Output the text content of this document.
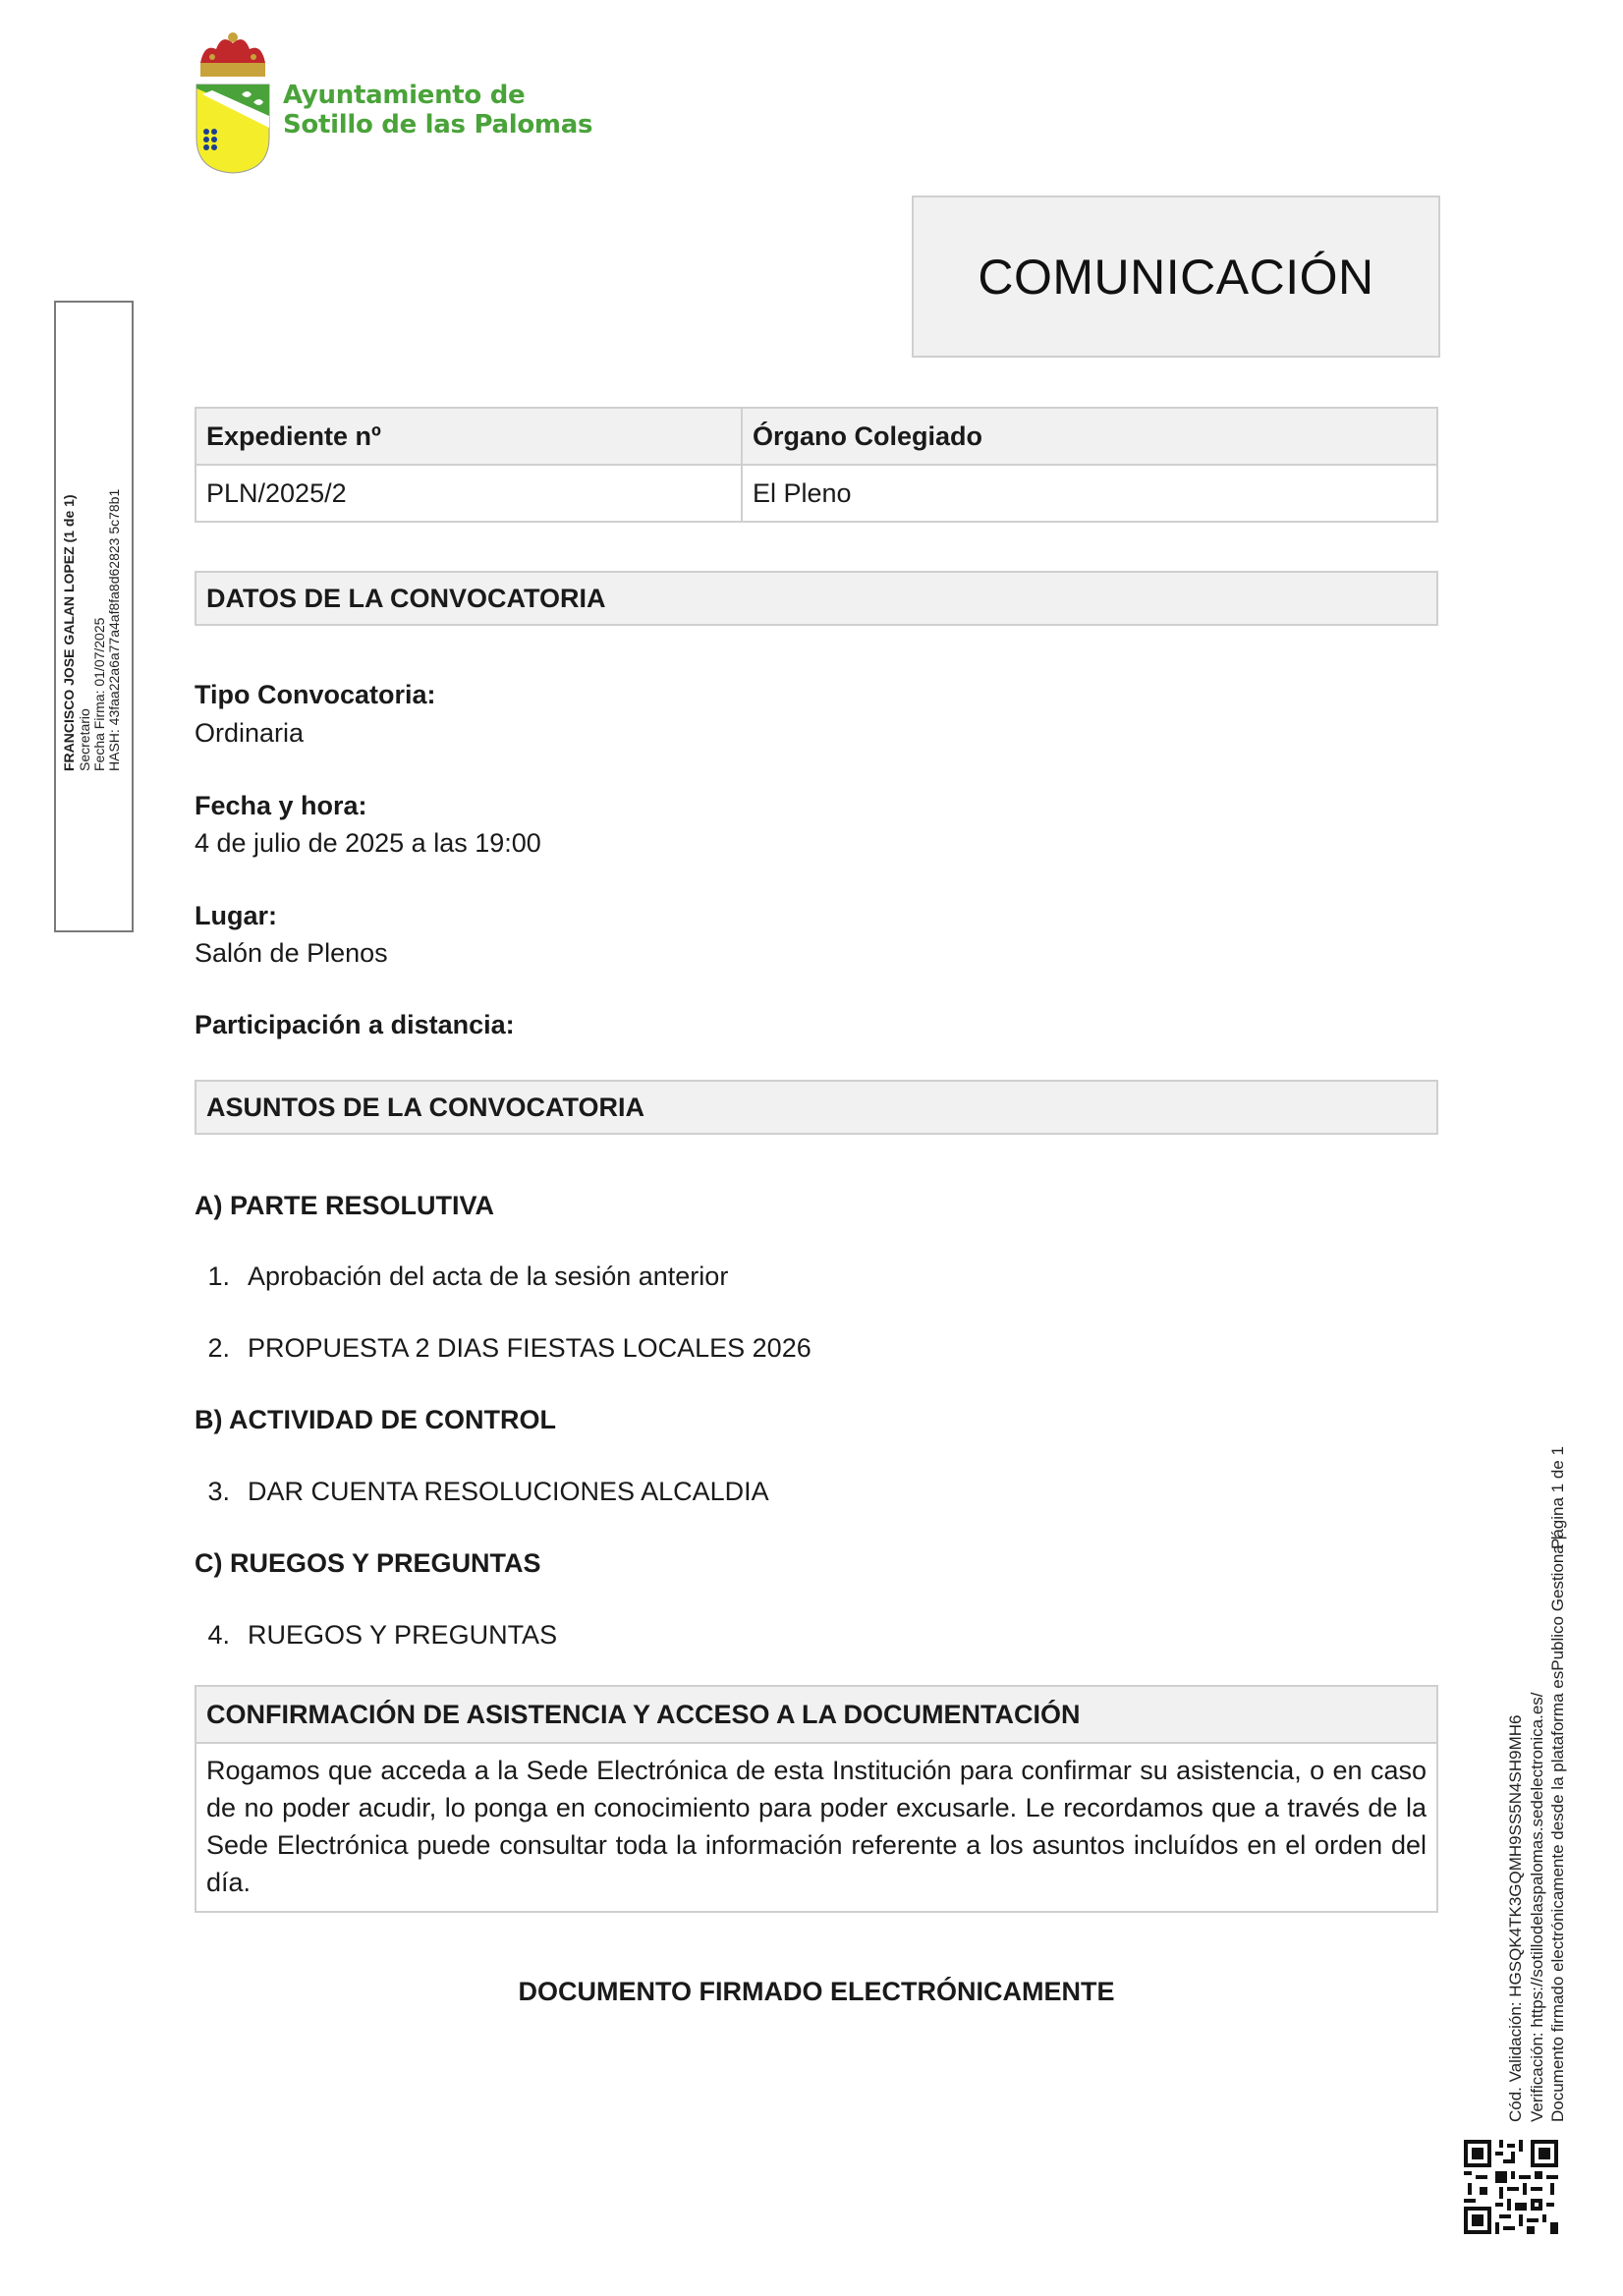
Ayuntamiento de
Sotillo de las Palomas
COMUNICACIÓN
Expediente nº	Órgano Colegiado
PLN/2025/2	El Pleno
DATOS DE LA CONVOCATORIA
Tipo Convocatoria:
Ordinaria
Fecha y hora:
4 de julio de 2025 a las 19:00
Lugar:
Salón de Plenos
Participación a distancia:
ASUNTOS DE LA CONVOCATORIA
A) PARTE RESOLUTIVA
1. Aprobación del acta de la sesión anterior
2. PROPUESTA 2 DIAS FIESTAS LOCALES 2026
B) ACTIVIDAD DE CONTROL
3. DAR CUENTA RESOLUCIONES ALCALDIA
C) RUEGOS Y PREGUNTAS
4. RUEGOS Y PREGUNTAS
CONFIRMACIÓN DE ASISTENCIA Y ACCESO A LA DOCUMENTACIÓN
Rogamos que acceda a la Sede Electrónica de esta Institución para confirmar su asistencia, o en caso de no poder acudir, lo ponga en conocimiento para poder excusarle. Le recordamos que a través de la Sede Electrónica puede consultar toda la información referente a los asuntos incluídos en el orden del día.
DOCUMENTO FIRMADO ELECTRÓNICAMENTE
FRANCISCO JOSE GALAN LOPEZ (1 de 1) Secretario Fecha Firma: 01/07/2025 HASH: 43faa22a6a77a4af8fa8d62823 5c78b1
Cód. Validación: HGSQK4TK3GQMH9SS5N4SH9MH6 Verificación: https://sotillodelaspalomas.sedelectronica.es/ Documento firmado electrónicamente desde la plataforma esPublico Gestiona |
Página 1 de 1
